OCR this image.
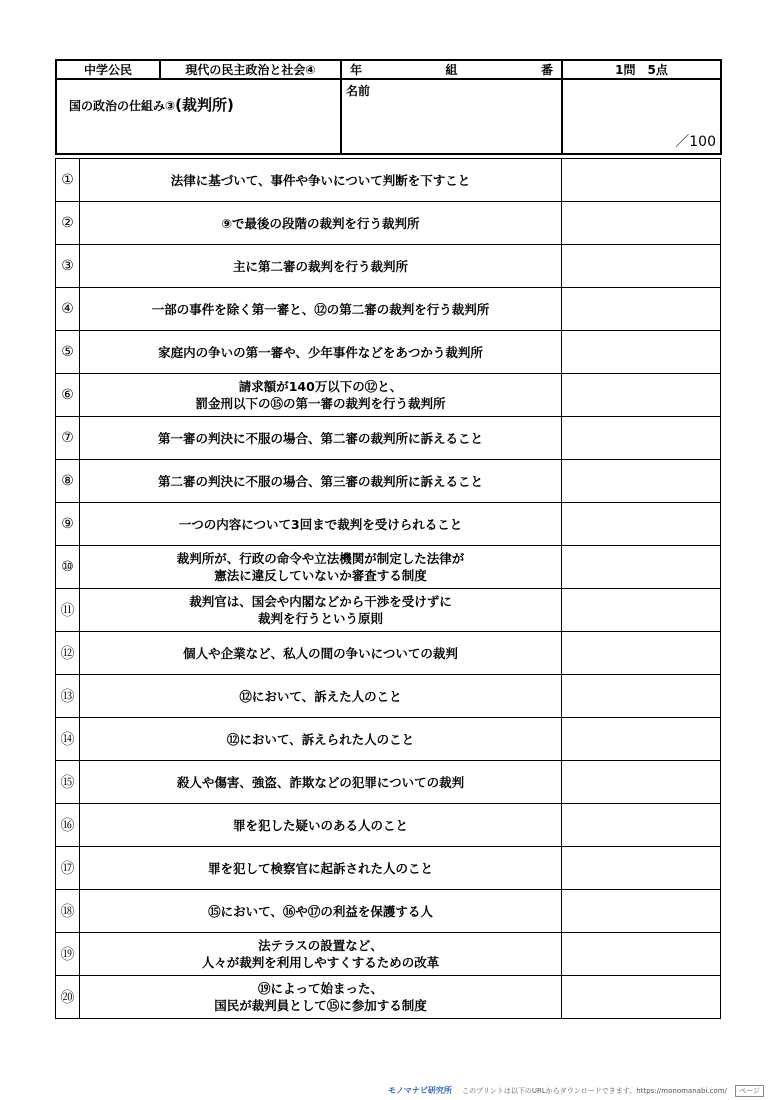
中学公民	現代の民主政治と社会④	年 組 番	1問　5点
国の政治の仕組み③(裁判所)		名前	／100
①	法律に基づいて、事件や争いについて判断を下すこと	

②	⑨で最後の段階の裁判を行う裁判所	

③	主に第二審の裁判を行う裁判所	

④	一部の事件を除く第一審と、⑫の第二審の裁判を行う裁判所	

⑤	家庭内の争いの第一審や、少年事件などをあつかう裁判所	

⑥	請求額が140万以下の⑫と、
罰金刑以下の⑮の第一審の裁判を行う裁判所	

⑦	第一審の判決に不服の場合、第二審の裁判所に訴えること	

⑧	第二審の判決に不服の場合、第三審の裁判所に訴えること	

⑨	一つの内容について3回まで裁判を受けられること	

⑩	裁判所が、行政の命令や立法機関が制定した法律が
憲法に違反していないか審査する制度	

⑪	裁判官は、国会や内閣などから干渉を受けずに
裁判を行うという原則	

⑫	個人や企業など、私人の間の争いについての裁判	

⑬	⑫において、訴えた人のこと	

⑭	⑫において、訴えられた人のこと	

⑮	殺人や傷害、強盗、詐欺などの犯罪についての裁判	

⑯	罪を犯した疑いのある人のこと	

⑰	罪を犯して検察官に起訴された人のこと	

⑱	⑮において、⑯や⑰の利益を保護する人	

⑲	法テラスの設置など、
人々が裁判を利用しやすくするための改革	

⑳	⑲によって始まった、
国民が裁判員として⑮に参加する制度	

モノマナビ研究所 このプリントは以下のURLからダウンロードできます。https://monomanabi.com/ ページ
